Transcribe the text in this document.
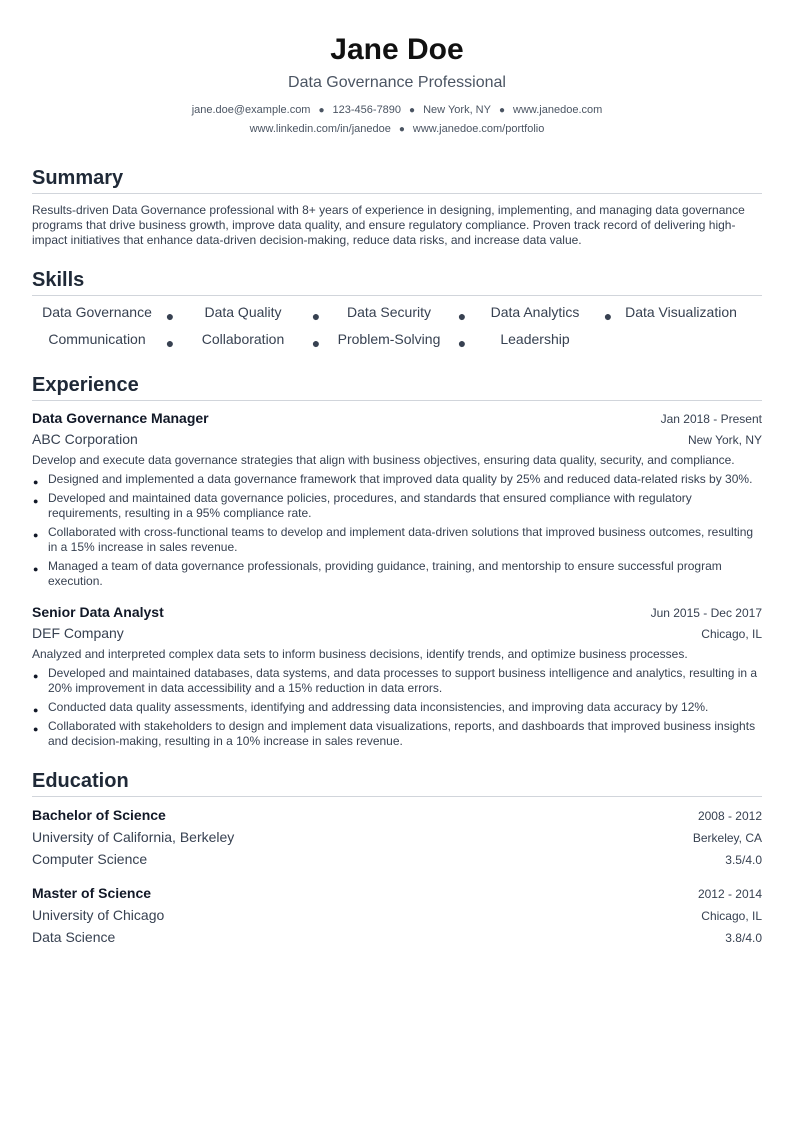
Jane Doe
Data Governance Professional
jane.doe@example.com ● 123-456-7890 ● New York, NY ● www.janedoe.com
www.linkedin.com/in/janedoe ● www.janedoe.com/portfolio
Summary
Results-driven Data Governance professional with 8+ years of experience in designing, implementing, and managing data governance programs that drive business growth, improve data quality, and ensure regulatory compliance. Proven track record of delivering high-impact initiatives that enhance data-driven decision-making, reduce data risks, and increase data value.
Skills
Data Governance ●	Data Quality	●	Data Security	●	Data Analytics	● Data Visualization
Communication	●	Collaboration	●	Problem-Solving	●	Leadership
Experience
Data Governance Manager	Jan 2018 - Present
ABC Corporation	New York, NY
Develop and execute data governance strategies that align with business objectives, ensuring data quality, security, and compliance.
● Designed and implemented a data governance framework that improved data quality by 25% and reduced data-related risks by 30%.
● Developed and maintained data governance policies, procedures, and standards that ensured compliance with regulatory requirements, resulting in a 95% compliance rate.
● Collaborated with cross-functional teams to develop and implement data-driven solutions that improved business outcomes, resulting in a 15% increase in sales revenue.
● Managed a team of data governance professionals, providing guidance, training, and mentorship to ensure successful program execution.
Senior Data Analyst	Jun 2015 - Dec 2017
DEF Company	Chicago, IL
Analyzed and interpreted complex data sets to inform business decisions, identify trends, and optimize business processes.
● Developed and maintained databases, data systems, and data processes to support business intelligence and analytics, resulting in a 20% improvement in data accessibility and a 15% reduction in data errors.
● Conducted data quality assessments, identifying and addressing data inconsistencies, and improving data accuracy by 12%.
● Collaborated with stakeholders to design and implement data visualizations, reports, and dashboards that improved business insights and decision-making, resulting in a 10% increase in sales revenue.
Education
Bachelor of Science	2008 - 2012
University of California, Berkeley	Berkeley, CA
Computer Science	3.5/4.0
Master of Science	2012 - 2014
University of Chicago	Chicago, IL
Data Science	3.8/4.0
